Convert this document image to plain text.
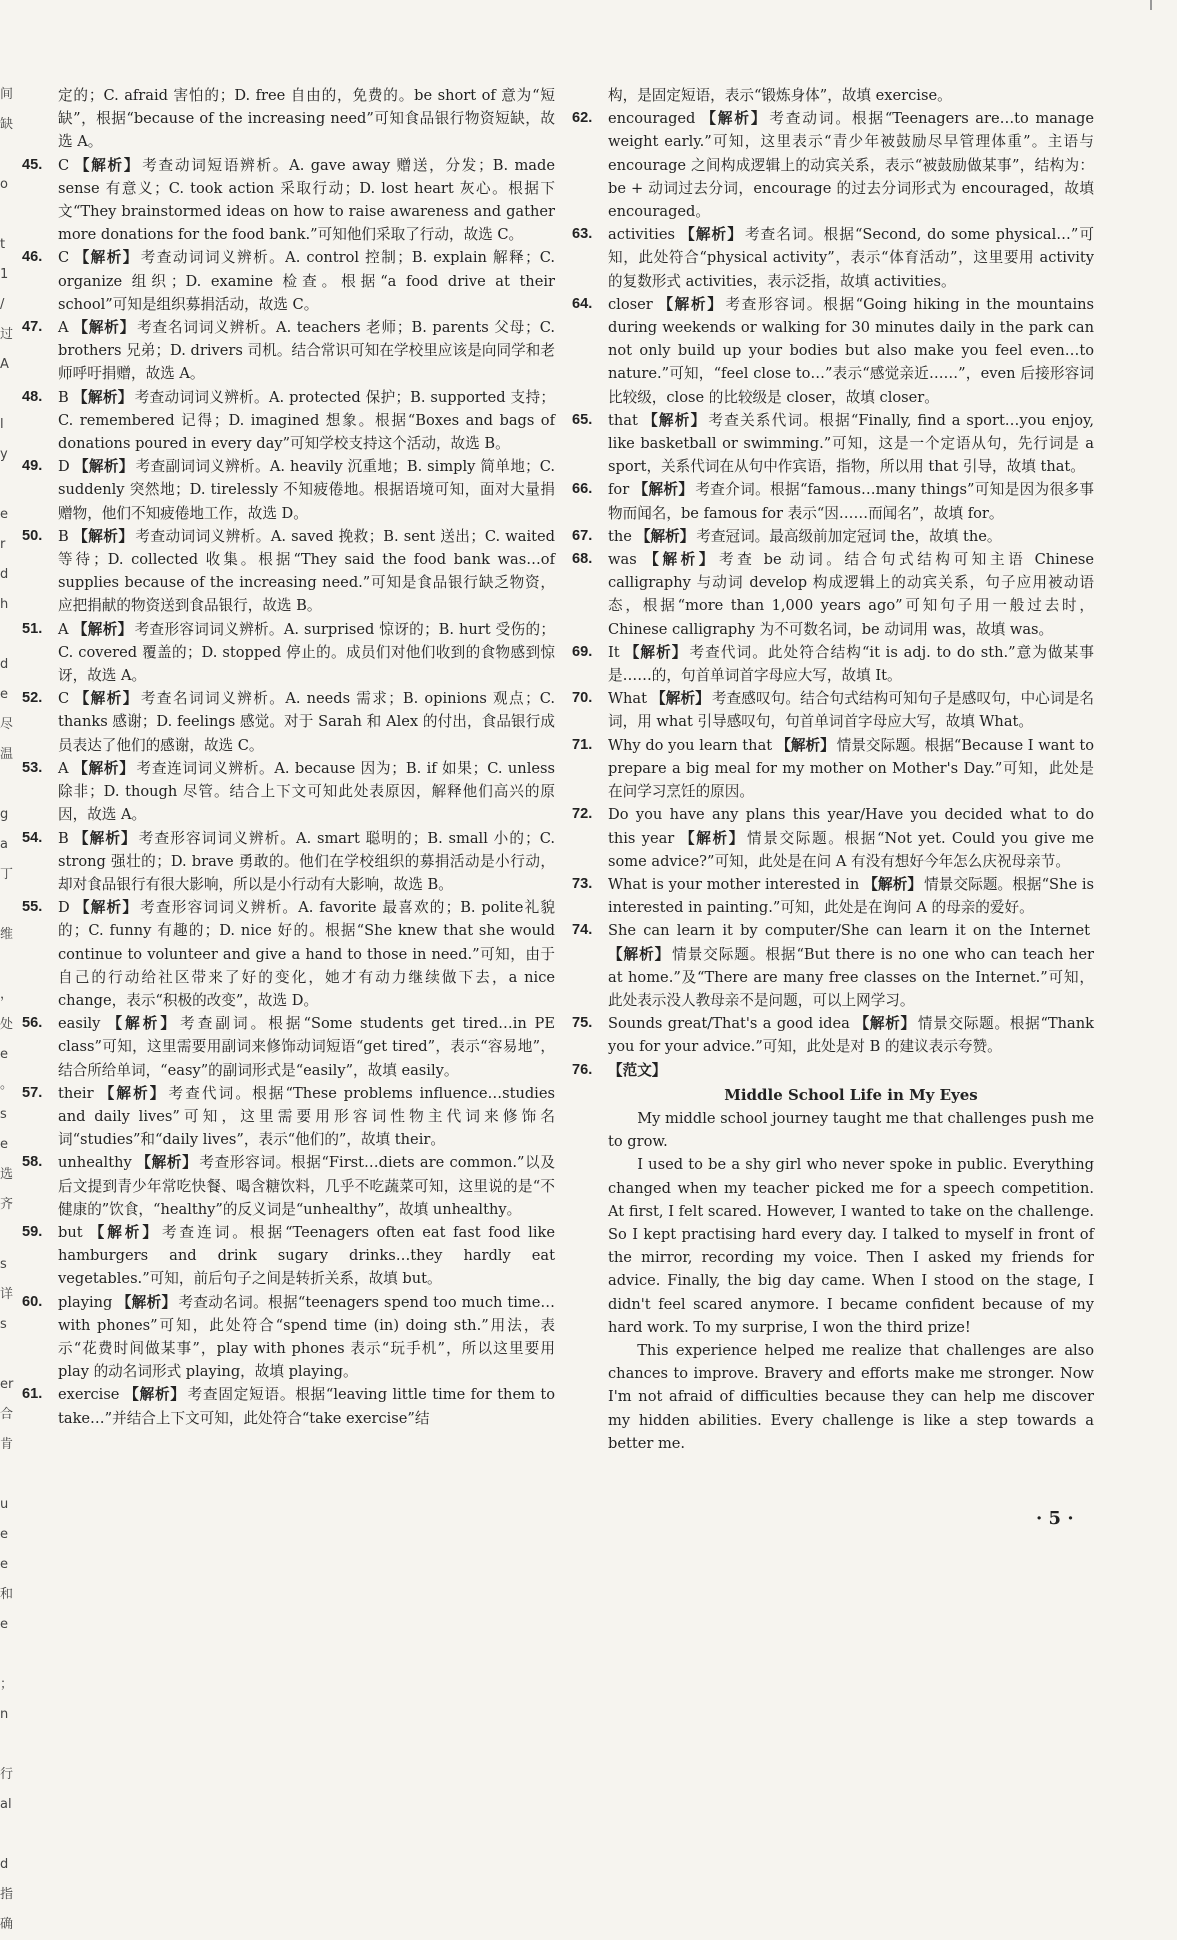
间
缺

o

t
1
/
过
A

l
y

e
r
d
h

d
e
尽
温

g
a
丁

维

，
处
e
。
s
e
选
齐

s
详
s

er
合
肯

u
e
e
和
e

；
n

行
al

d
指
确
定的；C. afraid 害怕的；D. free 自由的，免费的。be short of 意为“短缺”，根据“because of the increasing need”可知食品银行物资短缺，故选 A。
45.	C 【解析】 考查动词短语辨析。A. gave away 赠送，分发；B. made sense 有意义；C. took action 采取行动；D. lost heart 灰心。根据下文“They brainstormed ideas on how to raise awareness and gather more donations for the food bank.”可知他们采取了行动，故选 C。
46.	C 【解析】 考查动词词义辨析。A. control 控制；B. explain 解释；C. organize 组织；D. examine 检查。根据“a food drive at their school”可知是组织募捐活动，故选 C。
47.	A 【解析】 考查名词词义辨析。A. teachers 老师；B. parents 父母；C. brothers 兄弟；D. drivers 司机。结合常识可知在学校里应该是向同学和老师呼吁捐赠，故选 A。
48.	B 【解析】 考查动词词义辨析。A. protected 保护；B. supported 支持；C. remembered 记得；D. imagined 想象。根据“Boxes and bags of donations poured in every day”可知学校支持这个活动，故选 B。
49.	D 【解析】 考查副词词义辨析。A. heavily 沉重地；B. simply 简单地；C. suddenly 突然地；D. tirelessly 不知疲倦地。根据语境可知，面对大量捐赠物，他们不知疲倦地工作，故选 D。
50.	B 【解析】 考查动词词义辨析。A. saved 挽救；B. sent 送出；C. waited等待；D. collected 收集。根据“They said the food bank was…of supplies because of the increasing need.”可知是食品银行缺乏物资，应把捐献的物资送到食品银行，故选 B。
51.	A 【解析】 考查形容词词义辨析。A. surprised 惊讶的；B. hurt 受伤的；C. covered 覆盖的；D. stopped 停止的。成员们对他们收到的食物感到惊讶，故选 A。
52.	C 【解析】 考查名词词义辨析。A. needs 需求；B. opinions 观点；C. thanks 感谢；D. feelings 感觉。对于 Sarah 和 Alex 的付出，食品银行成员表达了他们的感谢，故选 C。
53.	A 【解析】 考查连词词义辨析。A. because 因为；B. if 如果；C. unless 除非；D. though 尽管。结合上下文可知此处表原因，解释他们高兴的原因，故选 A。
54.	B 【解析】 考查形容词词义辨析。A. smart 聪明的；B. small 小的；C. strong 强壮的；D. brave 勇敢的。他们在学校组织的募捐活动是小行动，却对食品银行有很大影响，所以是小行动有大影响，故选 B。
55.	D 【解析】 考查形容词词义辨析。A. favorite 最喜欢的；B. polite礼貌的；C. funny 有趣的；D. nice 好的。根据“She knew that she would continue to volunteer and give a hand to those in need.”可知，由于自己的行动给社区带来了好的变化，她才有动力继续做下去，a nice change，表示“积极的改变”，故选 D。
56.	easily 【解析】 考查副词。根据“Some students get tired…in PE class”可知，这里需要用副词来修饰动词短语“get tired”，表示“容易地”，结合所给单词，“easy”的副词形式是“easily”，故填 easily。
57.	their 【解析】 考查代词。根据“These problems influence…studies and daily lives”可知，这里需要用形容词性物主代词来修饰名词“studies”和“daily lives”，表示“他们的”，故填 their。
58.	unhealthy 【解析】 考查形容词。根据“First…diets are common.”以及后文提到青少年常吃快餐、喝含糖饮料，几乎不吃蔬菜可知，这里说的是“不健康的”饮食，“healthy”的反义词是“unhealthy”，故填 unhealthy。
59.	but 【解析】 考查连词。根据“Teenagers often eat fast food like hamburgers and drink sugary drinks…they hardly eat vegetables.”可知，前后句子之间是转折关系，故填 but。
60.	playing 【解析】 考查动名词。根据“teenagers spend too much time…with phones”可知，此处符合“spend time (in) doing sth.”用法，表示“花费时间做某事”，play with phones 表示“玩手机”，所以这里要用 play 的动名词形式 playing，故填 playing。
61.	exercise 【解析】 考查固定短语。根据“leaving little time for them to take…”并结合上下文可知，此处符合“take exercise”结
构，是固定短语，表示“锻炼身体”，故填 exercise。
62.	encouraged 【解析】 考查动词。根据“Teenagers are…to manage weight early.”可知，这里表示“青少年被鼓励尽早管理体重”。主语与 encourage 之间构成逻辑上的动宾关系，表示“被鼓励做某事”，结构为：be + 动词过去分词，encourage 的过去分词形式为 encouraged，故填 encouraged。
63.	activities 【解析】 考查名词。根据“Second, do some physical…”可知，此处符合“physical activity”，表示“体育活动”，这里要用 activity 的复数形式 activities，表示泛指，故填 activities。
64.	closer 【解析】 考查形容词。根据“Going hiking in the mountains during weekends or walking for 30 minutes daily in the park can not only build up your bodies but also make you feel even…to nature.”可知，“feel close to…”表示“感觉亲近……”，even 后接形容词比较级，close 的比较级是 closer，故填 closer。
65.	that 【解析】 考查关系代词。根据“Finally, find a sport…you enjoy, like basketball or swimming.”可知，这是一个定语从句，先行词是 a sport，关系代词在从句中作宾语，指物，所以用 that 引导，故填 that。
66.	for 【解析】 考查介词。根据“famous…many things”可知是因为很多事物而闻名，be famous for 表示“因……而闻名”，故填 for。
67.	the 【解析】 考查冠词。最高级前加定冠词 the，故填 the。
68.	was 【解析】 考查 be 动词。结合句式结构可知主语 Chinese calligraphy 与动词 develop 构成逻辑上的动宾关系，句子应用被动语态，根据“more than 1,000 years ago”可知句子用一般过去时，Chinese calligraphy 为不可数名词，be 动词用 was，故填 was。
69.	It 【解析】 考查代词。此处符合结构“it is adj. to do sth.”意为做某事是……的，句首单词首字母应大写，故填 It。
70.	What 【解析】 考查感叹句。结合句式结构可知句子是感叹句，中心词是名词，用 what 引导感叹句，句首单词首字母应大写，故填 What。
71.	Why do you learn that 【解析】 情景交际题。根据“Because I want to prepare a big meal for my mother on Mother's Day.”可知，此处是在问学习烹饪的原因。
72.	Do you have any plans this year/Have you decided what to do this year 【解析】 情景交际题。根据“Not yet. Could you give me some advice?”可知，此处是在问 A 有没有想好今年怎么庆祝母亲节。
73.	What is your mother interested in 【解析】 情景交际题。根据“She is interested in painting.”可知，此处是在询问 A 的母亲的爱好。
74.	She can learn it by computer/She can learn it on the Internet【解析】 情景交际题。根据“But there is no one who can teach her at home.”及“There are many free classes on the Internet.”可知，此处表示没人教母亲不是问题，可以上网学习。
75.	Sounds great/That's a good idea 【解析】 情景交际题。根据“Thank you for your advice.”可知，此处是对 B 的建议表示夸赞。
76.	【范文】
Middle School Life in My Eyes
My middle school journey taught me that challenges push me to grow.
I used to be a shy girl who never spoke in public. Everything changed when my teacher picked me for a speech competition. At first, I felt scared. However, I wanted to take on the challenge. So I kept practising hard every day. I talked to myself in front of the mirror, recording my voice. Then I asked my friends for advice. Finally, the big day came. When I stood on the stage, I didn't feel scared anymore. I became confident because of my hard work. To my surprise, I won the third prize!
This experience helped me realize that challenges are also chances to improve. Bravery and efforts make me stronger. Now I'm not afraid of difficulties because they can help me discover my hidden abilities. Every challenge is like a step towards a better me.
· 5 ·
